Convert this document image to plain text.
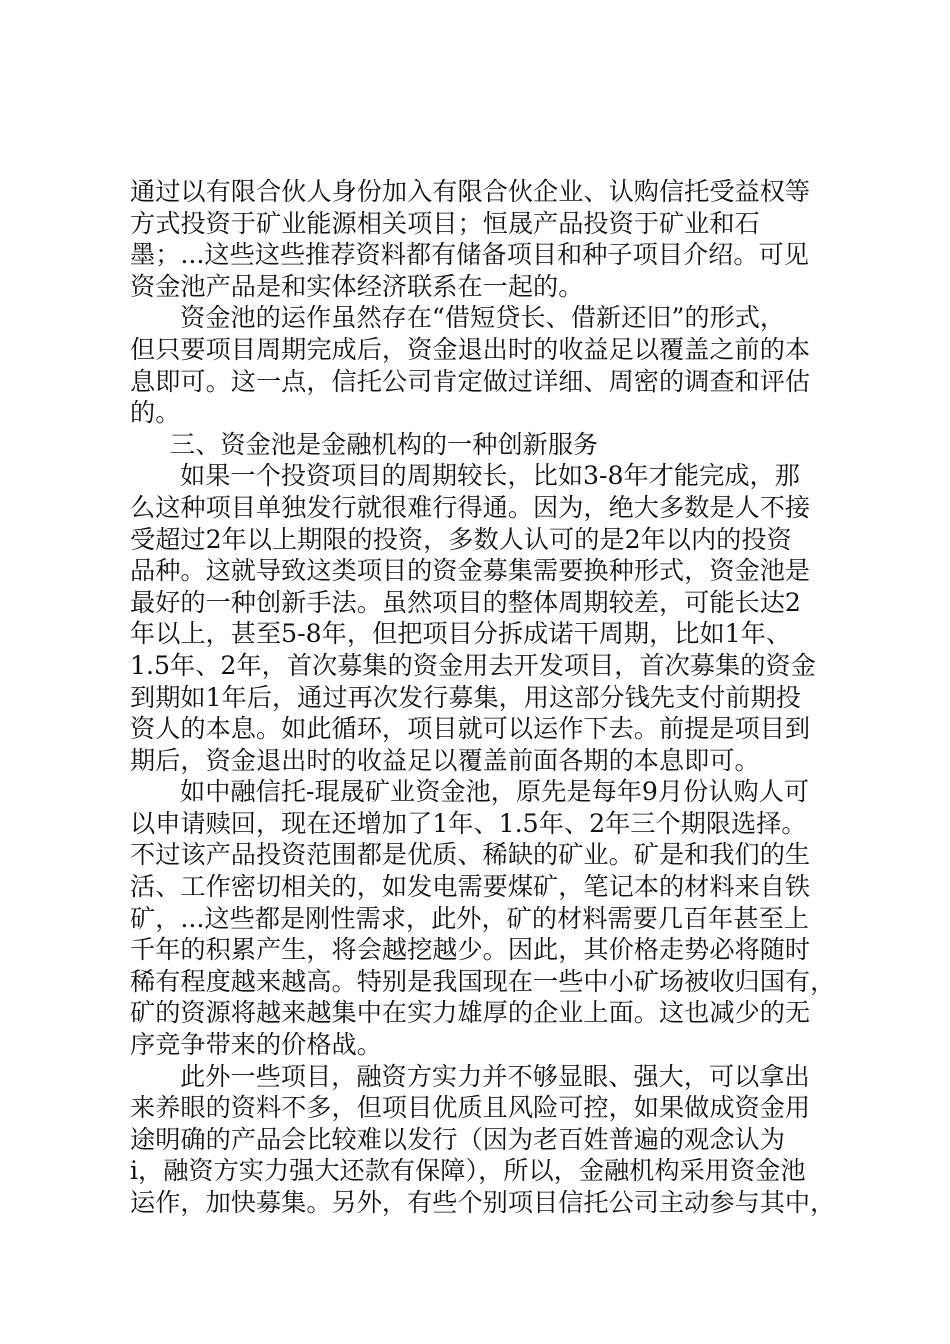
通过以有限合伙人身份加入有限合伙企业、认购信托受益权等
方式投资于矿业能源相关项目；恒晟产品投资于矿业和石
墨；...这些这些推荐资料都有储备项目和种子项目介绍。可见
资金池产品是和实体经济联系在一起的。
资金池的运作虽然存在“借短贷长、借新还旧”的形式，
但只要项目周期完成后，资金退出时的收益足以覆盖之前的本
息即可。这一点，信托公司肯定做过详细、周密的调查和评估
的。
三、资金池是金融机构的一种创新服务
如果一个投资项目的周期较长，比如3-8年才能完成，那
么这种项目单独发行就很难行得通。因为，绝大多数是人不接
受超过2年以上期限的投资，多数人认可的是2年以内的投资
品种。这就导致这类项目的资金募集需要换种形式，资金池是
最好的一种创新手法。虽然项目的整体周期较差，可能长达2
年以上，甚至5-8年，但把项目分拆成诺干周期，比如1年、
1.5年、2年，首次募集的资金用去开发项目，首次募集的资金
到期如1年后，通过再次发行募集，用这部分钱先支付前期投
资人的本息。如此循环，项目就可以运作下去。前提是项目到
期后，资金退出时的收益足以覆盖前面各期的本息即可。
如中融信托-琨晟矿业资金池，原先是每年9月份认购人可
以申请赎回，现在还增加了1年、1.5年、2年三个期限选择。
不过该产品投资范围都是优质、稀缺的矿业。矿是和我们的生
活、工作密切相关的，如发电需要煤矿，笔记本的材料来自铁
矿，...这些都是刚性需求，此外，矿的材料需要几百年甚至上
千年的积累产生，将会越挖越少。因此，其价格走势必将随时
稀有程度越来越高。特别是我国现在一些中小矿场被收归国有，
矿的资源将越来越集中在实力雄厚的企业上面。这也减少的无
序竞争带来的价格战。
此外一些项目，融资方实力并不够显眼、强大，可以拿出
来养眼的资料不多，但项目优质且风险可控，如果做成资金用
途明确的产品会比较难以发行（因为老百姓普遍的观念认为
i，融资方实力强大还款有保障），所以，金融机构采用资金池
运作，加快募集。另外，有些个别项目信托公司主动参与其中，
